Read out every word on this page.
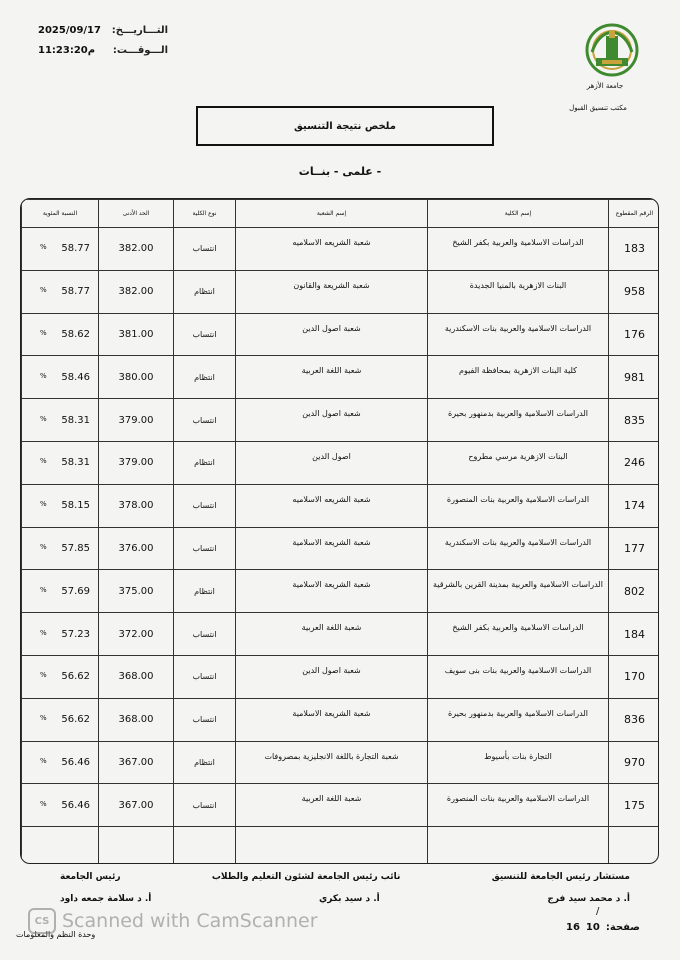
التـــاريـــخ:
2025/09/17
الـــوقـــت:
11:23:20م
جامعة الأزهر
مكتب تنسيق القبول
ملخص نتيجة التنسيق
- علمى - بنــات
الرقم المقطوع	إسم الكلية	إسم الشعبة	نوع الكلية	الحد الأدنى	النسبة المئوية
183	الدراسات الاسلامية والعربية بكفر الشيخ	شعبة الشريعه الاسلاميه	انتساب	382.00	% 58.77

958	البنات الازهرية بالمنيا الجديدة	شعبة الشريعة والقانون	انتظام	382.00	% 58.77

176	الدراسات الاسلامية والعربية بنات الاسكندرية	شعبة اصول الدين	انتساب	381.00	% 58.62

981	كلية البنات الازهرية بمحافظة الفيوم	شعبة اللغة العربية	انتظام	380.00	% 58.46

835	الدراسات الاسلامية والعربية بدمنهور بحيرة	شعبة اصول الدين	انتساب	379.00	% 58.31

246	البنات الازهرية مرسي مطروح	اصول الدين	انتظام	379.00	% 58.31

174	الدراسات الاسلامية والعربية بنات المنصورة	شعبة الشريعه الاسلاميه	انتساب	378.00	% 58.15

177	الدراسات الاسلامية والعربية بنات الاسكندرية	شعبة الشريعة الاسلامية	انتساب	376.00	% 57.85

802	الدراسات الاسلامية والعربية بمدينة القرين بالشرقية	شعبة الشريعة الاسلامية	انتظام	375.00	% 57.69

184	الدراسات الاسلامية والعربية بكفر الشيخ	شعبة اللغة العربية	انتساب	372.00	% 57.23

170	الدراسات الاسلامية والعربية بنات بنى سويف	شعبة اصول الدين	انتساب	368.00	% 56.62

836	الدراسات الاسلامية والعربية بدمنهور بحيرة	شعبة الشريعة الاسلامية	انتساب	368.00	% 56.62

970	التجارة بنات بأسيوط	شعبة التجارة باللغة الانجليزية بمصروفات	انتظام	367.00	% 56.46

175	الدراسات الاسلامية والعربية بنات المنصورة	شعبة اللغة العربية	انتساب	367.00	% 56.46

مستشار رئيس الجامعة للتنسيق
نائب رئيس الجامعة لشئون التعليم والطلاب
رئيس الجامعة
أ. د محمد سيد فرج
أ. د سيد بكري
أ. د سلامة جمعه داود
/
صفحة:
10
16
وحدة النظم والمعلومات
CS Scanned with CamScanner
